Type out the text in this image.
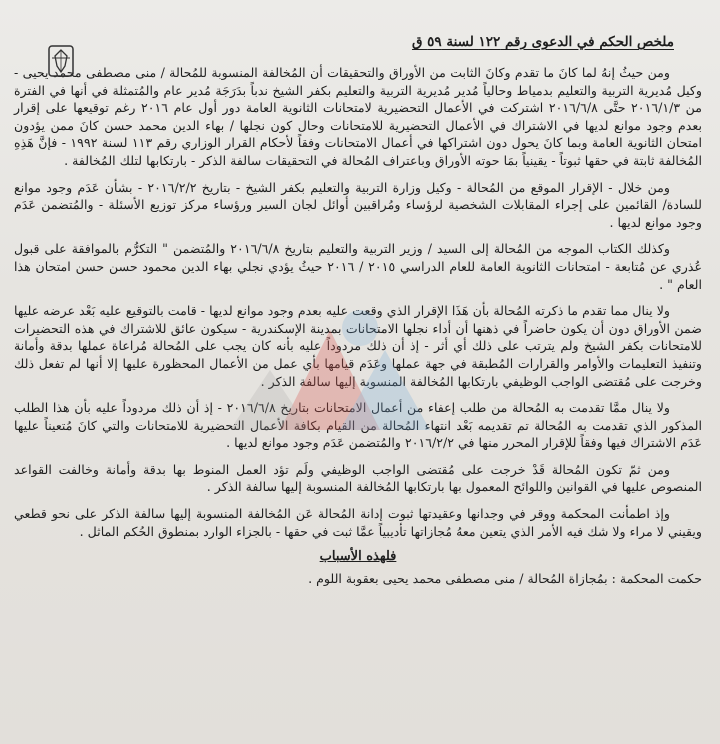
ملخص الحكم في الدعوى رقم ١٢٢ لسنة ٥٩ ق

ومن حيثُ إنهُ لما كانَ ما تقدم وكانَ الثابت من الأوراق والتحقيقات أن المُخالفة المنسوبة للمُحالة / منى مصطفى محمد يحيى - وكيل مُديرية التربية والتعليم بدمياط وحالياً مُدير مُديرية التربية والتعليم بكفر الشيخ ندباً بدَرَجَة مُدير عام والمُتمثلة في أنها في الفترة من ٢٠١٦/١/٣ حتَّى ٢٠١٦/٦/٨ اشتركت في الأعمال التحضيرية لامتحانات الثانوية العامة دور أول عام ٢٠١٦ رغم توقيعها على إقرار بعدم وجود موانع لديها في الاشتراك في الأعمال التحضيرية للامتحانات وحال كون نجلها / بهاء الدين محمد حسن كانَ ممن يؤدون امتحان الثانوية العامة وبما كانَ يحول دون اشتراكها في أعمال الامتحانات وفقاً لأحكام القرار الوزاري رقم ١١٣ لسنة ١٩٩٢ - فإنَّ هَذِهِ المُخالفة ثابتة في حقها ثبوتاً - يقينياً بمَا حوته الأوراق وباعتراف المُحالة في التحقيقات سالفة الذكر - بارتكابها لتلك المُخالفة .

ومن خلال - الإقرار الموقع من المُحالة - وكيل وزارة التربية والتعليم بكفر الشيخ - بتاريخ ٢٠١٦/٢/٢ - بشأن عَدَم وجود موانع للسادة/ القائمين على إجراء المقابلات الشخصية لرؤساء ومُراقبين أوائل لجان السير ورؤساء مركز توزيع الأسئلة - والمُتضمن عَدَم وجود موانع لديها .

وكذلك الكتاب الموجه من المُحالة إلى السيد / وزير التربية والتعليم بتاريخ ٢٠١٦/٦/٨ والمُتضمن " التكرُّم بالموافقة على قبول عُذري عن مُتابعة - امتحانات الثانوية العامة للعام الدراسي ٢٠١٥ / ٢٠١٦ حيثُ يؤدي نجلي بهاء الدين محمود حسن حسن امتحان هذا العام " .

ولا ينال مما تقدم ما ذكرته المُحالة بأن هَذَا الإقرار الذي وقعت عليه بعدم وجود موانع لديها - قامت بالتوقيع عليه بَعْد عرضه عليها ضمن الأوراق دون أن يكون حاضراً في ذهنها أن أداء نجلها الامتحانات بمدينة الإسكندرية - سيكون عائق للاشتراك في هذه التحضيرات للامتحانات بكفر الشيخ ولم يترتب على ذلك أي أثر - إذ أن ذلك مردوداً عليه بأنه كان يجب على المُحالة مُراعاة عملها بدقة وأمانة وتنفيذ التعليمات والأوامر والقرارات المُطبقة في جهة عملها وعَدَم قيامها بأي عمل من الأعمال المحظورة عليها إلا أنها لم تفعل ذلك وخرجت على مُقتضى الواجب الوظيفي بارتكابها المُخالفة المنسوبة إليها سالفة الذكر .

ولا ينال ممَّا تقدمت به المُحالة من طلب إعفاء من أعمال الامتحانات بتاريخ ٢٠١٦/٦/٨ - إذ أن ذلك مردوداً عليه بأن هذا الطلب المذكور الذي تقدمت به المُحالة تم تقديمه بَعْد انتهاء المُحالة من القيام بكافة الأعمال التحضيرية للامتحانات والتي كانَ مُتعيناً عليها عَدَم الاشتراك فيها وفقاً للإقرار المحرر منها في ٢٠١٦/٢/٢ والمُتضمن عَدَم وجود موانع لديها .

ومن ثمّ تكون المُحالة قَدْ خرجت على مُقتضى الواجب الوظيفي ولَم تؤد العمل المنوط بها بدقة وأمانة وخالفت القواعد المنصوص عليها في القوانين واللوائح المعمول بها بارتكابها المُخالفة المنسوبة إليها سالفة الذكر .

وإذ اطمأنت المحكمة ووقر في وجدانها وعقيدتها ثبوت إدانة المُحالة عَن المُخالفة المنسوبة إليها سالفة الذكر على نحو قطعي ويقيني لا مراء ولا شك فيه الأمر الذي يتعين معهُ مُجازاتها تأديبياً عمَّا ثبت في حقها - بالجزاء الوارد بمنطوق الحُكم الماثل .

فلهذه الأسباب

حكمت المحكمة : بمُجازاة المُحالة / منى مصطفى محمد يحيى بعقوبة اللوم .
